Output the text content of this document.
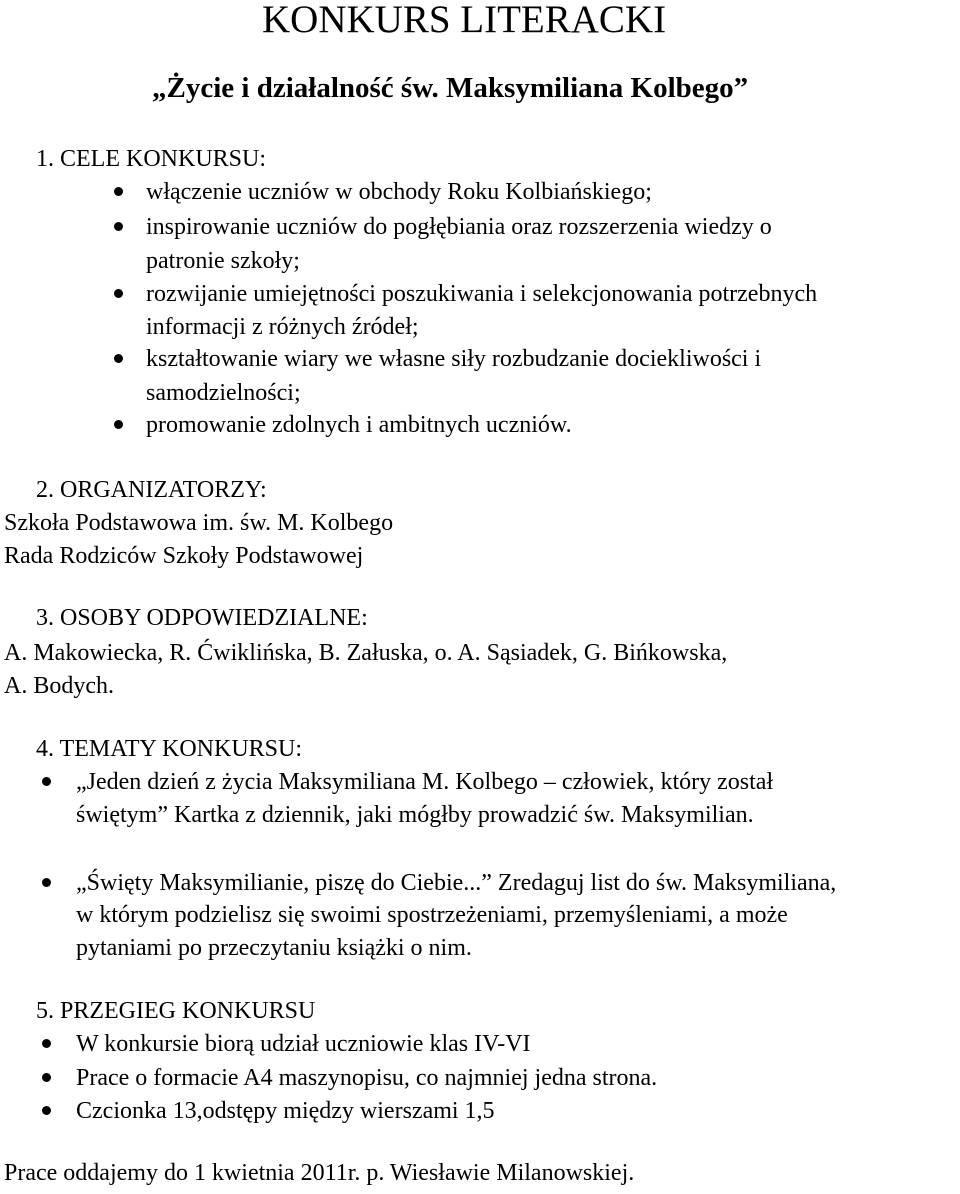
KONKURS LITERACKI
„Życie i działalność św. Maksymiliana Kolbego”
1. CELE KONKURSU:
włączenie uczniów w obchody Roku Kolbiańskiego;
inspirowanie uczniów do pogłębiania oraz rozszerzenia wiedzy o
patronie szkoły;
rozwijanie umiejętności poszukiwania i selekcjonowania potrzebnych
informacji z różnych źródeł;
kształtowanie wiary we własne siły rozbudzanie dociekliwości i
samodzielności;
promowanie zdolnych i ambitnych uczniów.
2. ORGANIZATORZY:
Szkoła Podstawowa im. św. M. Kolbego
Rada Rodziców Szkoły Podstawowej
3. OSOBY ODPOWIEDZIALNE:
A. Makowiecka, R. Ćwiklińska, B. Załuska, o. A. Sąsiadek, G. Bińkowska,
A. Bodych.
4. TEMATY KONKURSU:
„Jeden dzień z życia Maksymiliana M. Kolbego – człowiek, który został
świętym” Kartka z dziennik, jaki mógłby prowadzić św. Maksymilian.
„Święty Maksymilianie, piszę do Ciebie...” Zredaguj list do św. Maksymiliana,
w którym podzielisz się swoimi spostrzeżeniami, przemyśleniami, a może
pytaniami po przeczytaniu książki o nim.
5. PRZEGIEG KONKURSU
W konkursie biorą udział uczniowie klas IV-VI
Prace o formacie A4 maszynopisu, co najmniej jedna strona.
Czcionka 13,odstępy między wierszami 1,5
Prace oddajemy do 1 kwietnia 2011r. p. Wiesławie Milanowskiej.
